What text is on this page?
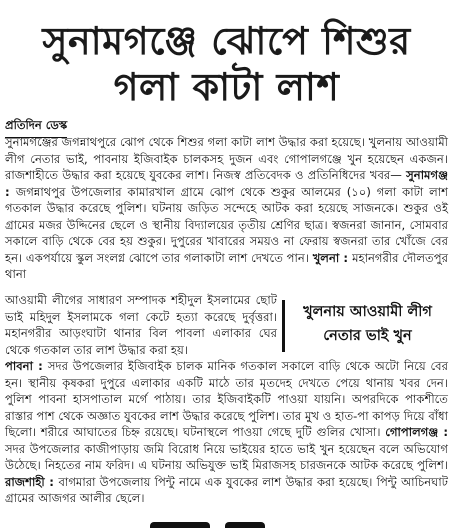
সুনামগঞ্জে ঝোপে শিশুর
গলা কাটা লাশ
প্রতিদিন ডেস্ক
সুনামগঞ্জের জগন্নাথপুরে ঝোপ থেকে শিশুর গলা কাটা লাশ উদ্ধার করা হয়েছে। খুলনায় আওয়ামী লীগ নেতার ভাই, পাবনায় ইজিবাইক চালকসহ দুজন এবং গোপালগঞ্জে খুন হয়েছেন একজন। রাজশাহীতে উদ্ধার করা হয়েছে যুবকের লাশ। নিজস্ব প্রতিবেদক ও প্রতিনিধিদের খবর— সুনামগঞ্জ : জগন্নাথপুর উপজেলার কামারখাল গ্রামে ঝোপ থেকে শুকুর আলমের (১০) গলা কাটা লাশ গতকাল উদ্ধার করেছে পুলিশ। ঘটনায় জড়িত সন্দেহে আটক করা হয়েছে সাজনকে। শুকুর ওই গ্রামের মজর উদ্দিনের ছেলে ও স্থানীয় বিদ্যালয়ের তৃতীয় শ্রেণির ছাত্র। স্বজনরা জানান, সোমবার সকালে বাড়ি থেকে বের হয় শুকুর। দুপুরের খাবারের সময়ও না ফেরায় স্বজনরা তার খোঁজে বের হন। একপর্যায়ে স্কুল সংলগ্ন ঝোপে তার গলাকাটা লাশ দেখতে পান। খুলনা : মহানগরীর দৌলতপুর থানা
আওয়ামী লীগের সাধারণ সম্পাদক শহীদুল ইসলামের ছোট ভাই মহিদুল ইসলামকে গলা কেটে হত্যা করেছে দুর্বৃত্তরা। মহানগরীর আড়ংঘাটা থানার বিল পাবলা এলাকার ঘের থেকে গতকাল তার লাশ উদ্ধার করা হয়।
খুলনায় আওয়ামী লীগ
নেতার ভাই খুন
পাবনা : সদর উপজেলার ইজিবাইক চালক মানিক গতকাল সকালে বাড়ি থেকে অটো নিয়ে বের হন। স্থানীয় কৃষকরা দুপুরে এলাকার একটি মাঠে তার মৃতদেহ দেখতে পেয়ে থানায় খবর দেন। পুলিশ পাবনা হাসপাতাল মর্গে পাঠায়। তার ইজিবাইকটি পাওয়া যায়নি। অপরদিকে পাকশীতে রাস্তার পাশ থেকে অজ্ঞাত যুবকের লাশ উদ্ধার করেছে পুলিশ। তার মুখ ও হাত-পা কাপড় দিয়ে বাঁধা ছিলো। শরীরে আঘাতের চিহ্ন রয়েছে। ঘটনাস্থলে পাওয়া গেছে দুটি গুলির খোসা। গোপালগঞ্জ : সদর উপজেলার কাজীপাড়ায় জমি বিরোধ নিয়ে ভাইয়ের হাতে ভাই খুন হয়েছেন বলে অভিযোগ উঠেছে। নিহতের নাম ফরিদ। এ ঘটনায় অভিযুক্ত ভাই মিরাজসহ চারজনকে আটক করেছে পুলিশ। রাজশাহী : বাগমারা উপজেলায় পিন্টু নামে এক যুবকের লাশ উদ্ধার করা হয়েছে। পিন্টু আচিনঘাট গ্রামের আজগর আলীর ছেলে।
